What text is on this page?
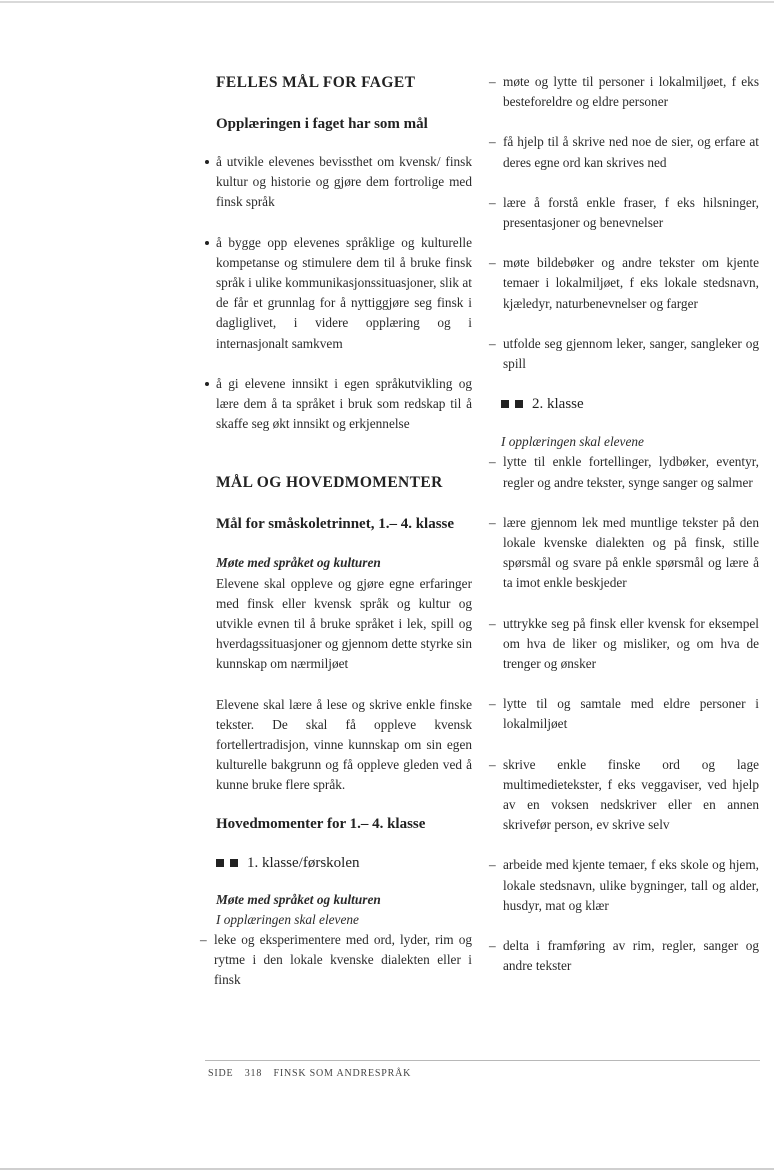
FELLES MÅL FOR FAGET
Opplæringen i faget har som mål
å utvikle elevenes bevissthet om kvensk/ finsk kultur og historie og gjøre dem fortrolige med finsk språk
å bygge opp elevenes språklige og kulturelle kompetanse og stimulere dem til å bruke finsk språk i ulike kommunikasjonssituasjoner, slik at de får et grunnlag for å nyttiggjøre seg finsk i dagliglivet, i videre opplæring og i internasjonalt samkvem
å gi elevene innsikt i egen språkutvikling og lære dem å ta språket i bruk som redskap til å skaffe seg økt innsikt og erkjennelse
MÅL OG HOVEDMOMENTER
Mål for småskoletrinnet, 1.– 4. klasse
Møte med språket og kulturen
Elevene skal oppleve og gjøre egne erfaringer med finsk eller kvensk språk og kultur og utvikle evnen til å bruke språket i lek, spill og hverdagssituasjoner og gjennom dette styrke sin kunnskap om nærmiljøet
Elevene skal lære å lese og skrive enkle finske tekster. De skal få oppleve kvensk fortellertradisjon, vinne kunnskap om sin egen kulturelle bakgrunn og få oppleve gleden ved å kunne bruke flere språk.
Hovedmomenter for 1.– 4. klasse
1. klasse/førskolen
Møte med språket og kulturen
I opplæringen skal elevene
– leke og eksperimentere med ord, lyder, rim og rytme i den lokale kvenske dialekten eller i finsk
– møte og lytte til personer i lokalmiljøet, f eks besteforeldre og eldre personer
– få hjelp til å skrive ned noe de sier, og erfare at deres egne ord kan skrives ned
– lære å forstå enkle fraser, f eks hilsninger, presentasjoner og benevnelser
– møte bildebøker og andre tekster om kjente temaer i lokalmiljøet, f eks lokale stedsnavn, kjæledyr, naturbenevnelser og farger
– utfolde seg gjennom leker, sanger, sangleker og spill
2. klasse
I opplæringen skal elevene
– lytte til enkle fortellinger, lydbøker, eventyr, regler og andre tekster, synge sanger og salmer
– lære gjennom lek med muntlige tekster på den lokale kvenske dialekten og på finsk, stille spørsmål og svare på enkle spørsmål og lære å ta imot enkle beskjeder
– uttrykke seg på finsk eller kvensk for eksempel om hva de liker og misliker, og om hva de trenger og ønsker
– lytte til og samtale med eldre personer i lokalmiljøet
– skrive enkle finske ord og lage multimedietekster, f eks veggaviser, ved hjelp av en voksen nedskriver eller en annen skrivefør person, ev skrive selv
– arbeide med kjente temaer, f eks skole og hjem, lokale stedsnavn, ulike bygninger, tall og alder, husdyr, mat og klær
– delta i framføring av rim, regler, sanger og andre tekster
SIDE 318 FINSK SOM ANDRESPRÅK
